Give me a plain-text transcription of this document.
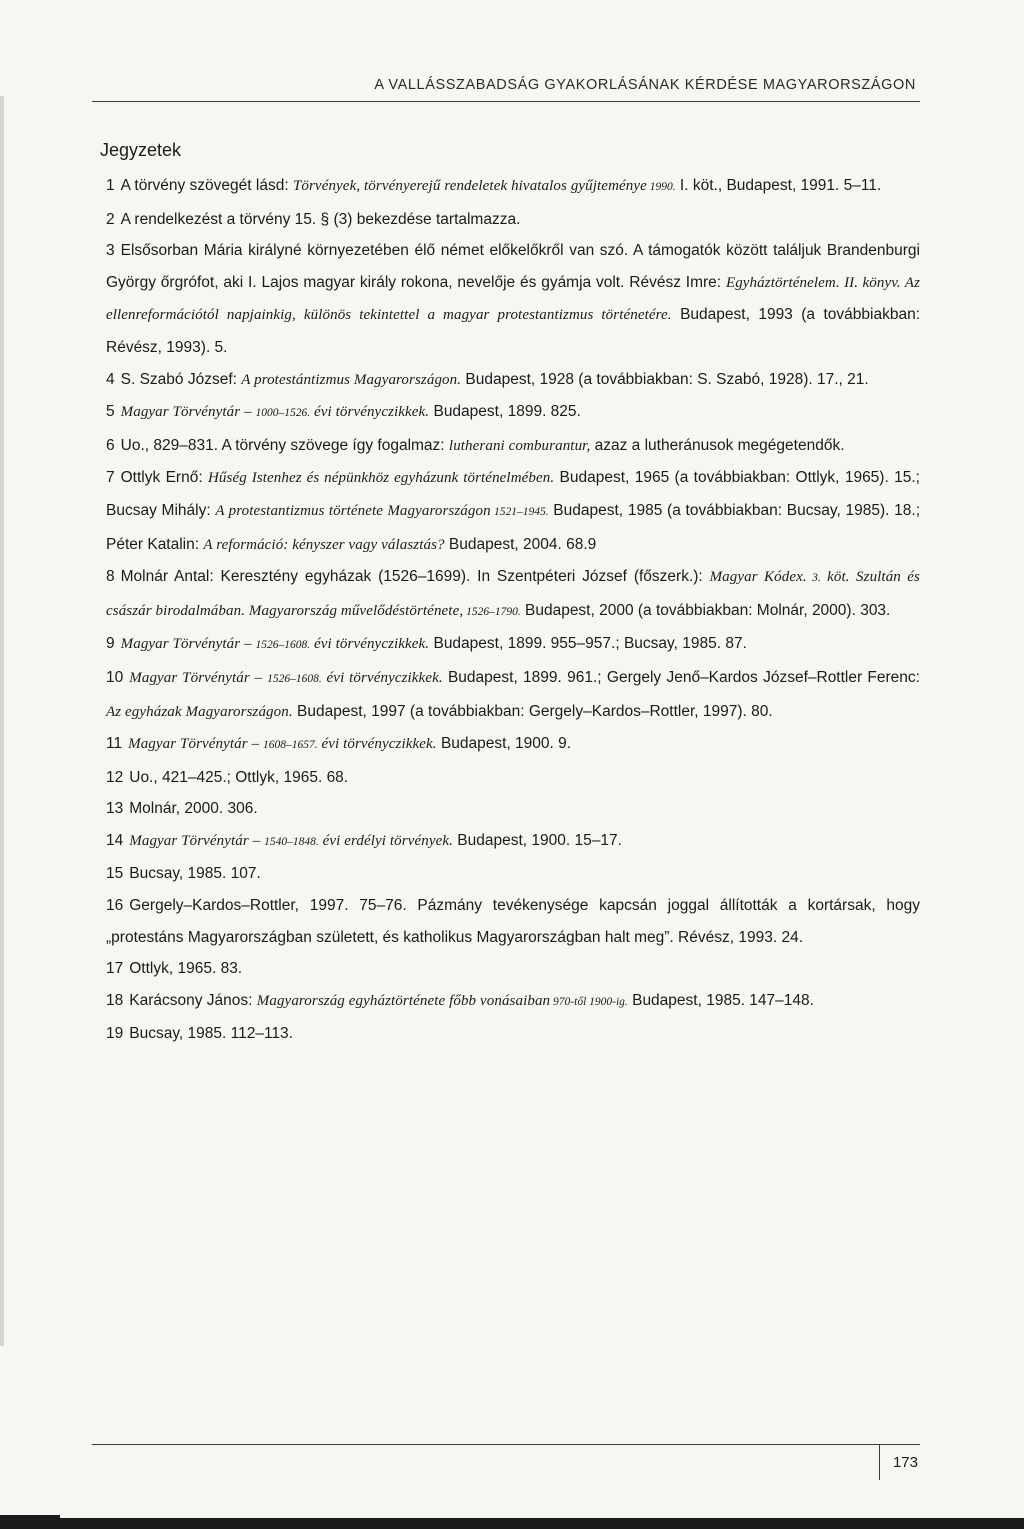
A VALLÁSSZABADSÁG GYAKORLÁSÁNAK KÉRDÉSE MAGYARORSZÁGON
Jegyzetek
1 A törvény szövegét lásd: Törvények, törvényerejű rendeletek hivatalos gyűjteménye 1990. I. köt., Budapest, 1991. 5–11.
2 A rendelkezést a törvény 15. § (3) bekezdése tartalmazza.
3 Elsősorban Mária királyné környezetében élő német előkelőkről van szó. A támogatók között találjuk Brandenburgi György őrgrófot, aki I. Lajos magyar király rokona, nevelője és gyámja volt. Révész Imre: Egyháztörténelem. II. könyv. Az ellenreformációtól napjainkig, különös tekintettel a magyar protestantizmus történetére. Budapest, 1993 (a továbbiakban: Révész, 1993). 5.
4 S. Szabó József: A protestántizmus Magyarországon. Budapest, 1928 (a továbbiakban: S. Szabó, 1928). 17., 21.
5 Magyar Törvénytár – 1000–1526. évi törvényczikkek. Budapest, 1899. 825.
6 Uo., 829–831. A törvény szövege így fogalmaz: lutherani comburantur, azaz a lutheránusok megégetendők.
7 Ottlyk Ernő: Hűség Istenhez és népünkhöz egyházunk történelmében. Budapest, 1965 (a továbbiakban: Ottlyk, 1965). 15.; Bucsay Mihály: A protestantizmus története Magyarországon 1521–1945. Budapest, 1985 (a továbbiakban: Bucsay, 1985). 18.; Péter Katalin: A reformáció: kényszer vagy választás? Budapest, 2004. 68.9
8 Molnár Antal: Keresztény egyházak (1526–1699). In Szentpéteri József (főszerk.): Magyar Kódex. 3. köt. Szultán és császár birodalmában. Magyarország művelődéstörténete, 1526–1790. Budapest, 2000 (a továbbiakban: Molnár, 2000). 303.
9 Magyar Törvénytár – 1526–1608. évi törvényczikkek. Budapest, 1899. 955–957.; Bucsay, 1985. 87.
10 Magyar Törvénytár – 1526–1608. évi törvényczikkek. Budapest, 1899. 961.; Gergely Jenő–Kardos József–Rottler Ferenc: Az egyházak Magyarországon. Budapest, 1997 (a továbbiakban: Gergely–Kardos–Rottler, 1997). 80.
11 Magyar Törvénytár – 1608–1657. évi törvényczikkek. Budapest, 1900. 9.
12 Uo., 421–425.; Ottlyk, 1965. 68.
13 Molnár, 2000. 306.
14 Magyar Törvénytár – 1540–1848. évi erdélyi törvények. Budapest, 1900. 15–17.
15 Bucsay, 1985. 107.
16 Gergely–Kardos–Rottler, 1997. 75–76. Pázmány tevékenysége kapcsán joggal állították a kortársak, hogy „protestáns Magyarországban született, és katholikus Magyarországban halt meg”. Révész, 1993. 24.
17 Ottlyk, 1965. 83.
18 Karácsony János: Magyarország egyháztörténete főbb vonásaiban 970-től 1900-ig. Budapest, 1985. 147–148.
19 Bucsay, 1985. 112–113.
173
